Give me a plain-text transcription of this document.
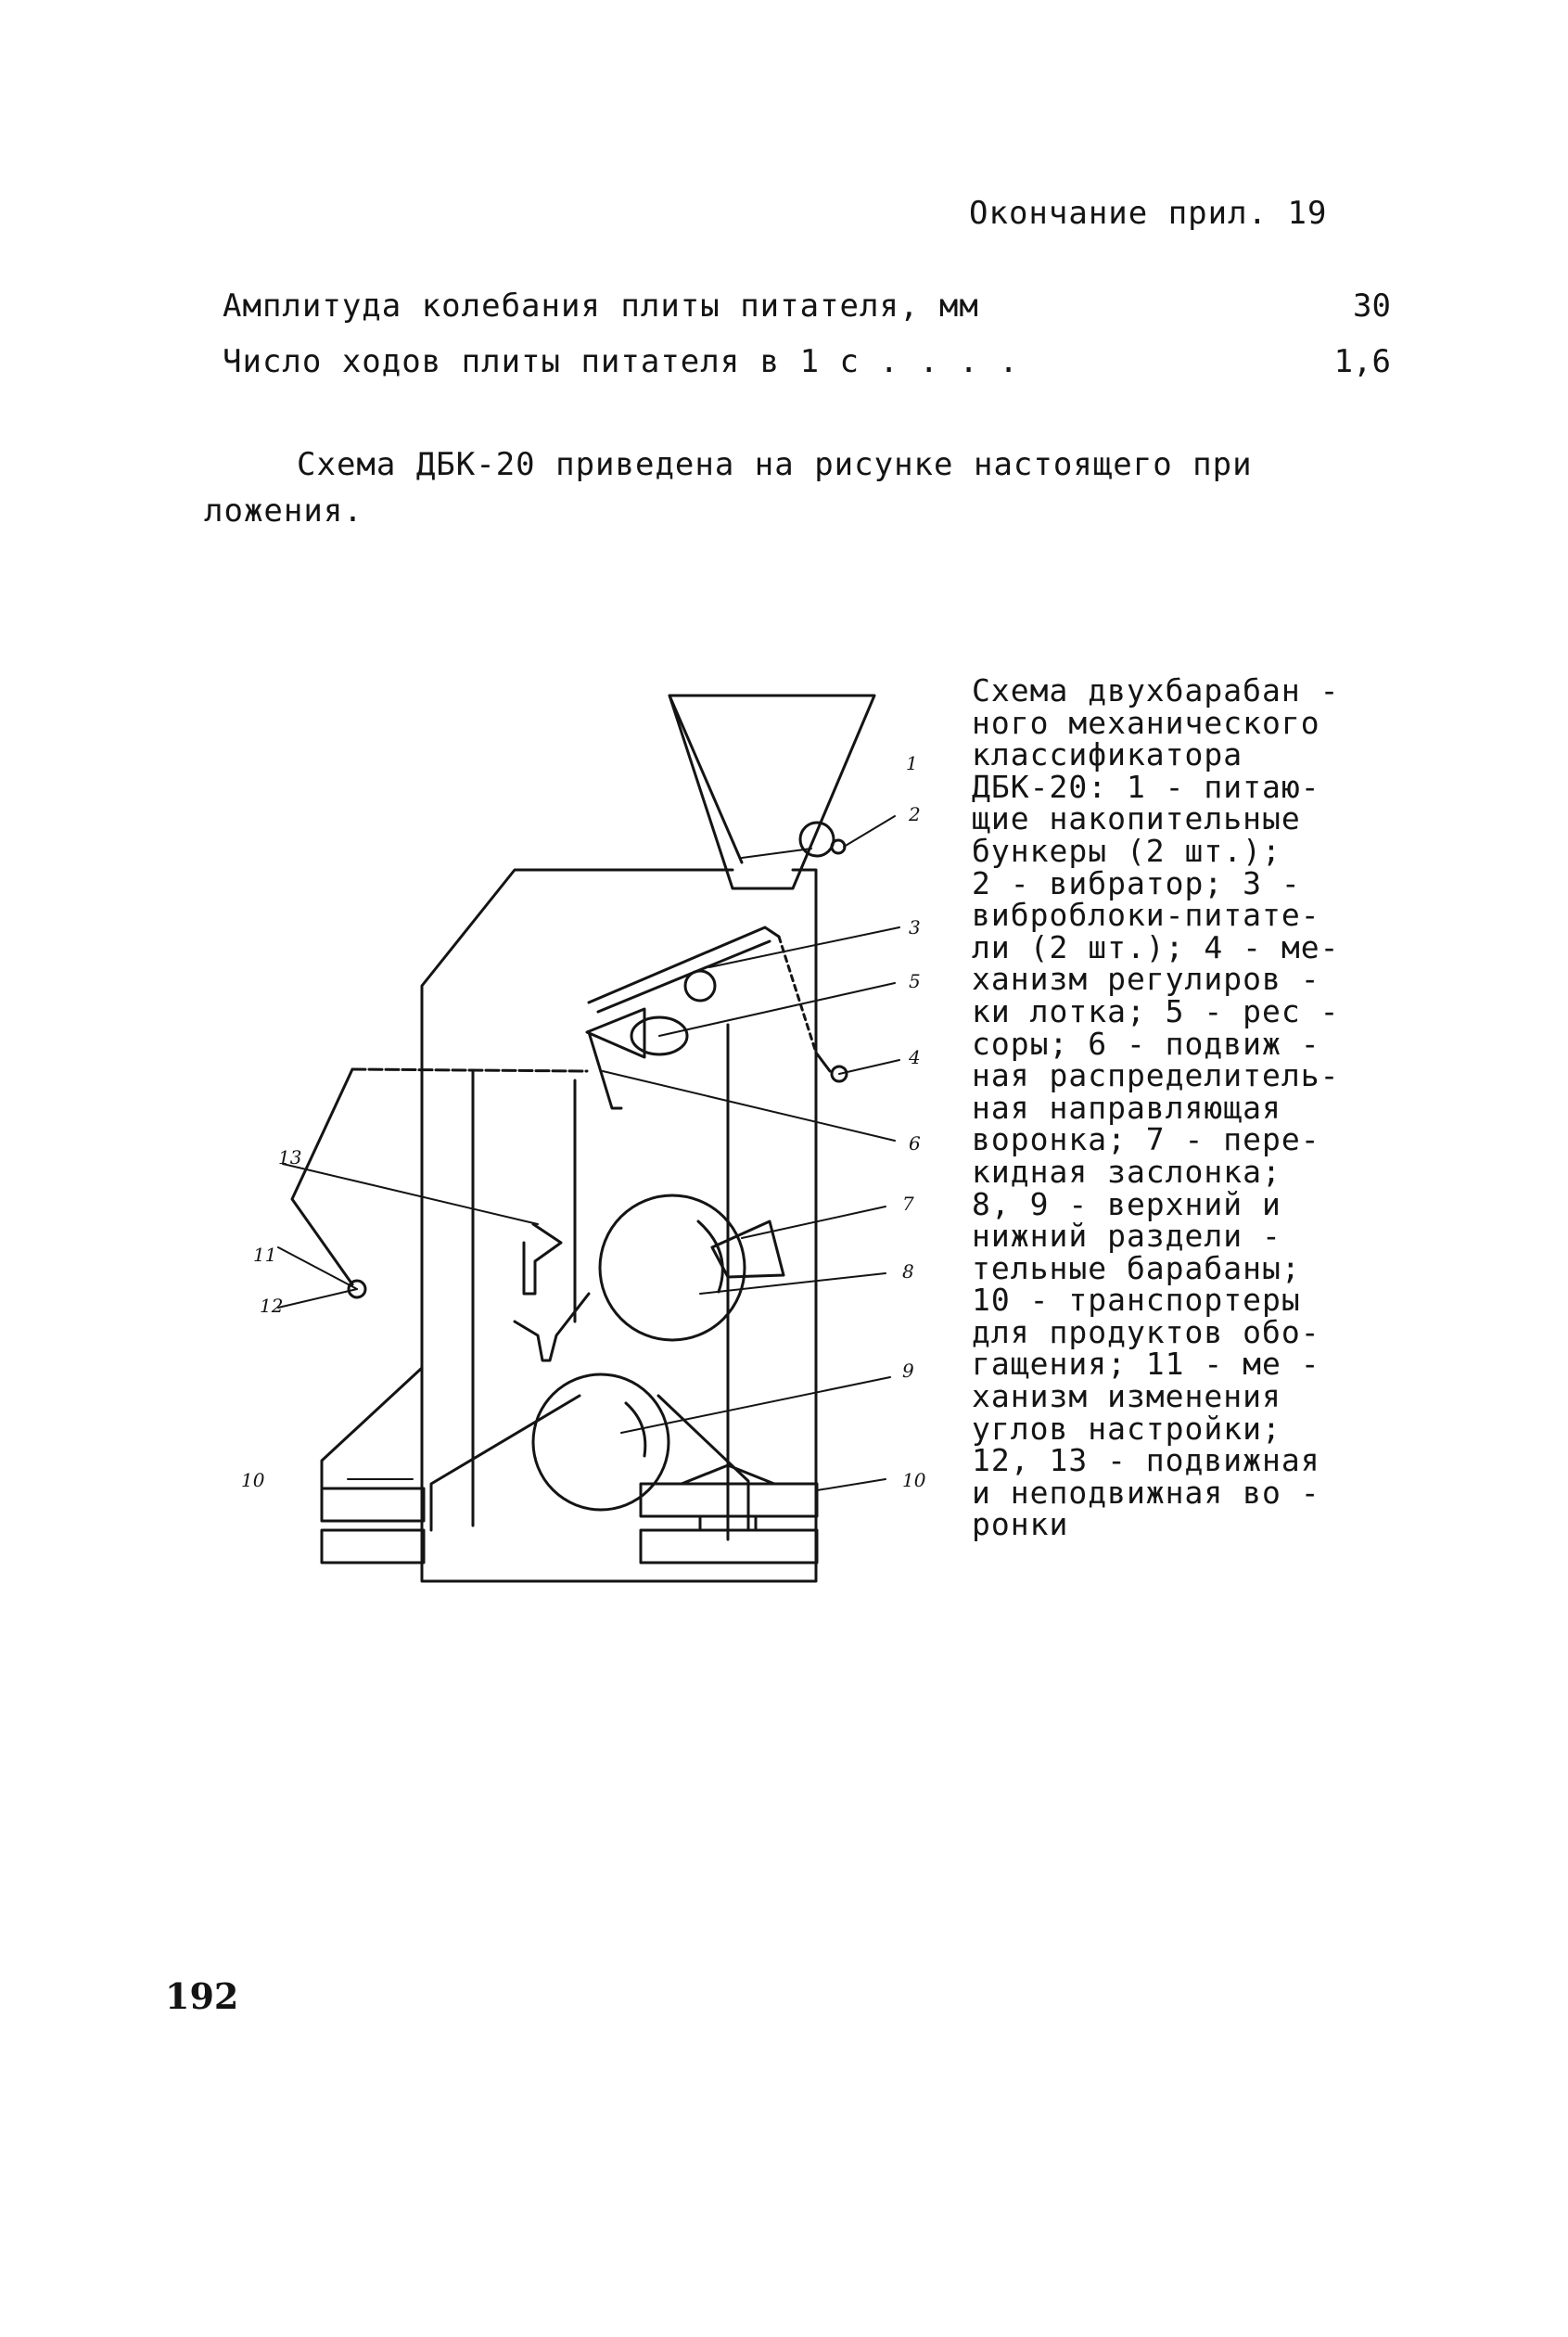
Окончание прил. 19
Амплитуда колебания плиты питателя, мм	30
Число ходов плиты питателя в 1 с . . . .	1,6
Схема ДБК-20 приведена на рисунке настоящего при
ложения.
1
2
3
5
4
6
7
8
9
10
10
11
12
13
Схема двухбарабан -
ного механического
классификатора
ДБК-20: 1 - питаю-
щие накопительные
бункеры (2 шт.);
2 - вибратор; 3 -
виброблоки-питате-
ли (2 шт.); 4 - ме-
ханизм регулиров -
ки лотка; 5 - рес -
соры; 6 - подвиж -
ная распределитель-
ная направляющая
воронка; 7 - пере-
кидная заслонка;
8, 9 - верхний и
нижний раздели -
тельные барабаны;
10 - транспортеры
для продуктов обо-
гащения; 11 - ме -
ханизм изменения
углов настройки;
12, 13 - подвижная
и неподвижная во -
ронки
192
